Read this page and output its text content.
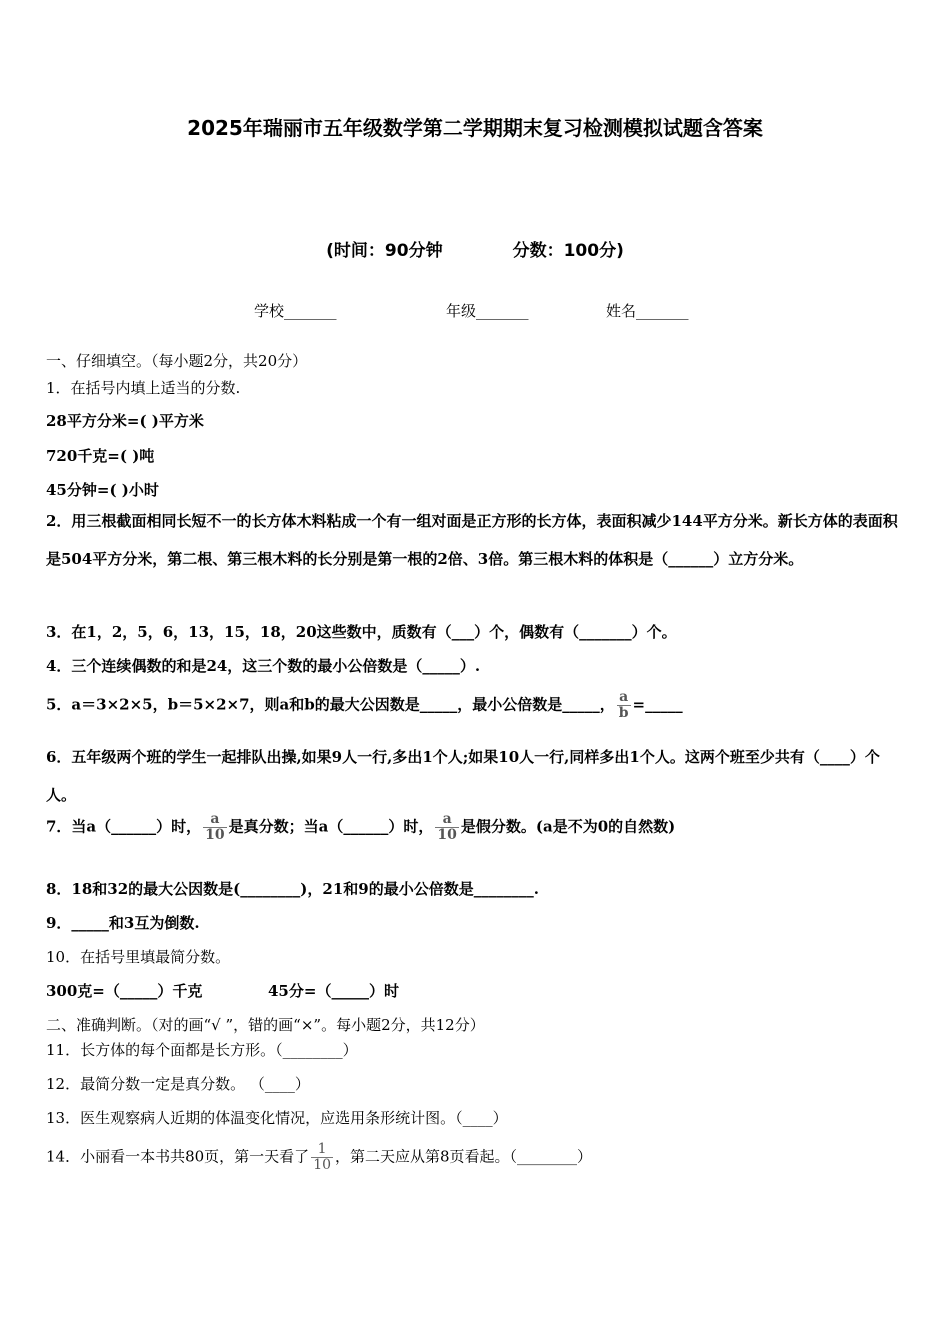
2025年瑞丽市五年级数学第二学期期末复习检测模拟试题含答案
(时间：90分钟	分数：100分)
学校_______	年级_______	姓名_______
一、仔细填空。（每小题2分，共20分）
1．在括号内填上适当的分数.
28平方分米=( )平方米
720千克=( )吨
45分钟=( )小时
2．用三根截面相同长短不一的长方体木料粘成一个有一组对面是正方形的长方体，表面积减少144平方分米。新长方体的表面积是504平方分米，第二根、第三根木料的长分别是第一根的2倍、3倍。第三根木料的体积是（______）立方分米。
3．在1，2，5，6，13，15，18，20这些数中，质数有（___）个，偶数有（_______）个。
4．三个连续偶数的和是24，这三个数的最小公倍数是（_____）.
5．a＝3×2×5，b＝5×2×7，则a和b的最大公因数是_____，最小公倍数是_____， $\frac{a}{b}$ =_____
6．五年级两个班的学生一起排队出操,如果9人一行,多出1个人;如果10人一行,同样多出1个人。这两个班至少共有（____）个人。
7．当a（______）时， $\frac{a}{10}$ 是真分数；当a（______）时， $\frac{a}{10}$ 是假分数。(a是不为0的自然数)
8．18和32的最大公因数是(________)，21和9的最小公倍数是________.
9．_____和3互为倒数.
10．在括号里填最简分数。
300克=（_____）千克	45分=（_____）时
二、准确判断。（对的画“√ ”，错的画“×”。每小题2分，共12分）
11．长方体的每个面都是长方形。（________）
12．最简分数一定是真分数。 （____）
13．医生观察病人近期的体温变化情况，应选用条形统计图。（____）
14．小丽看一本书共80页，第一天看了 $\frac{1}{10}$ ，第二天应从第8页看起。（________）
